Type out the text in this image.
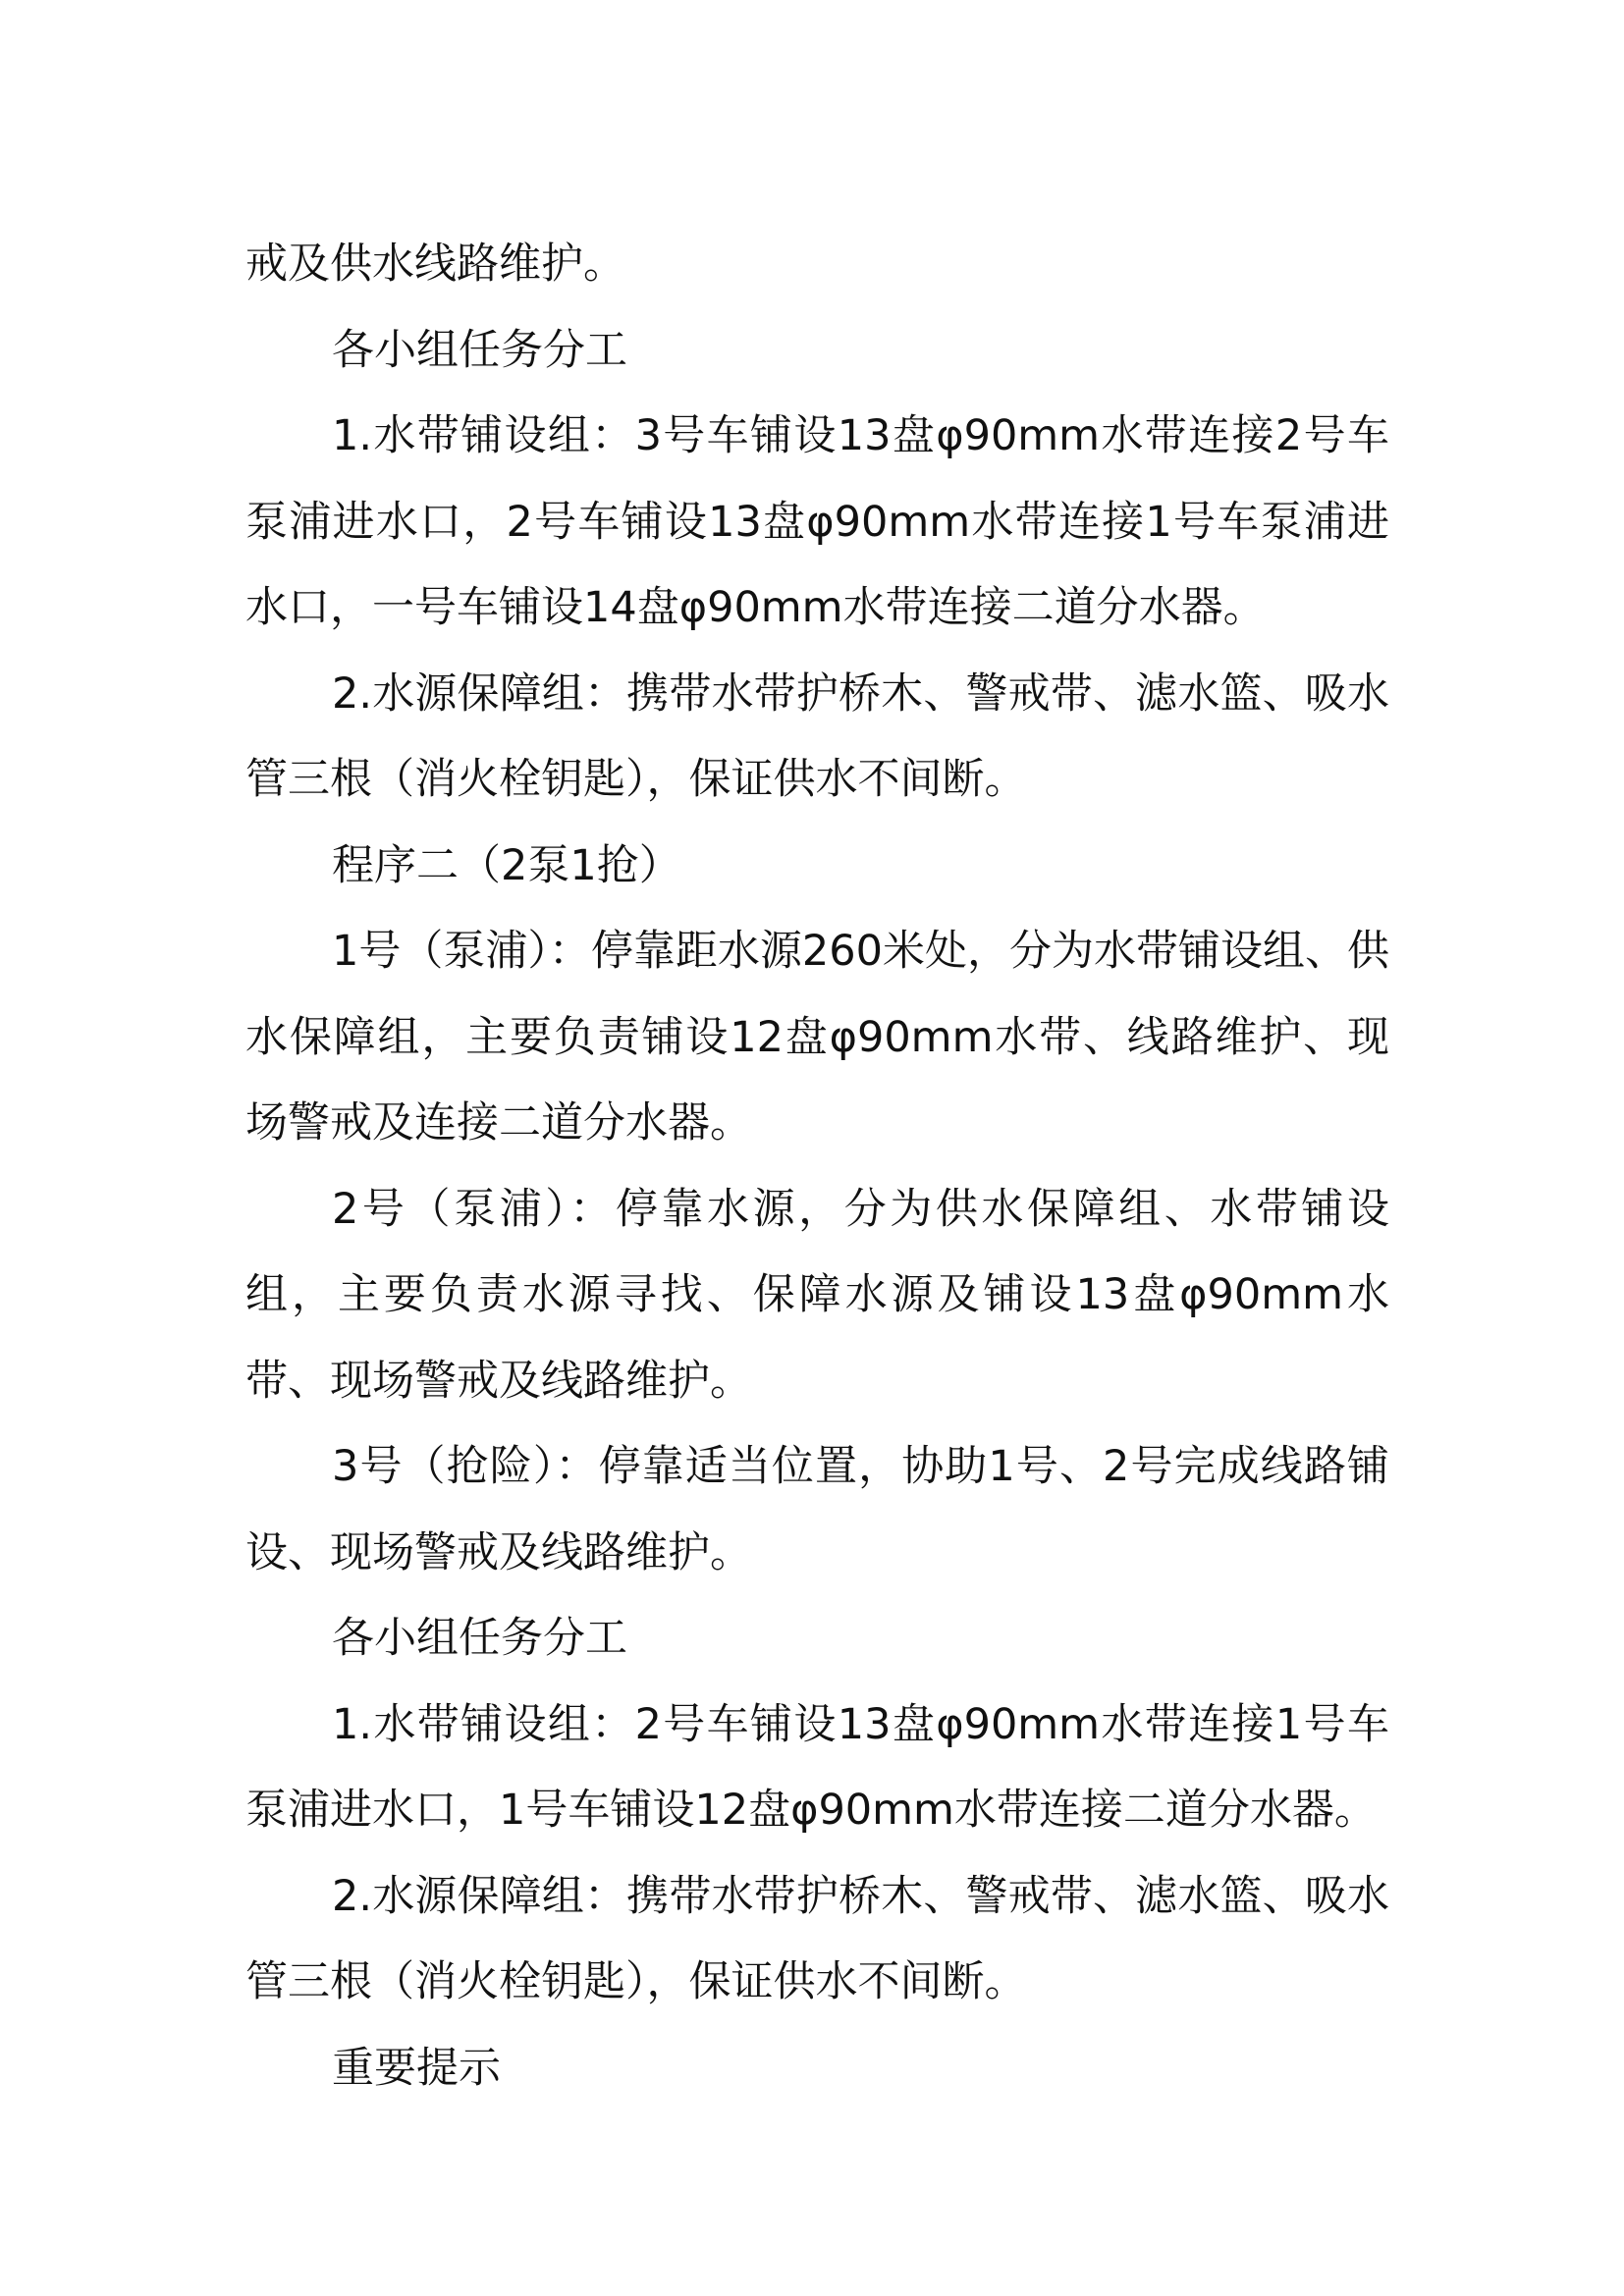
戒及供水线路维护。

各小组任务分工

1.水带铺设组：3号车铺设13盘φ90mm水带连接2号车泵浦进水口，2号车铺设13盘φ90mm水带连接1号车泵浦进水口，一号车铺设14盘φ90mm水带连接二道分水器。

2.水源保障组：携带水带护桥木、警戒带、滤水篮、吸水管三根（消火栓钥匙），保证供水不间断。

程序二（2泵1抢）

1号（泵浦）：停靠距水源260米处，分为水带铺设组、供水保障组，主要负责铺设12盘φ90mm水带、线路维护、现场警戒及连接二道分水器。

2号（泵浦）：停靠水源，分为供水保障组、水带铺设组，主要负责水源寻找、保障水源及铺设13盘φ90mm水带、现场警戒及线路维护。

3号（抢险）：停靠适当位置，协助1号、2号完成线路铺设、现场警戒及线路维护。

各小组任务分工

1.水带铺设组：2号车铺设13盘φ90mm水带连接1号车泵浦进水口，1号车铺设12盘φ90mm水带连接二道分水器。

2.水源保障组：携带水带护桥木、警戒带、滤水篮、吸水管三根（消火栓钥匙），保证供水不间断。

重要提示
